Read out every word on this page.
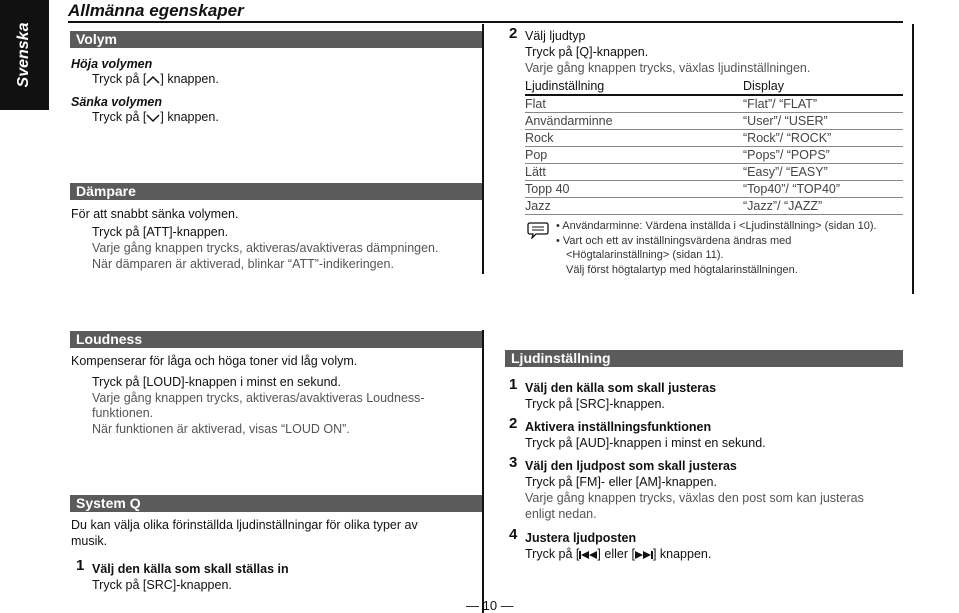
Svenska
Allmänna egenskaper
Volym
Höja volymen
Tryck på [ ] knappen.
Sänka volymen
Tryck på [ ] knappen.
Dämpare
För att snabbt sänka volymen.
Tryck på [ATT]-knappen.
Varje gång knappen trycks, aktiveras/avaktiveras dämpningen.
När dämparen är aktiverad, blinkar “ATT”-indikeringen.
2 Välj ljudtyp
Tryck på [Q]-knappen.
Varje gång knappen trycks, växlas ljudinställningen.
Ljudinställning	Display
Flat	“Flat”/ “FLAT”
Användarminne	“User”/ “USER”
Rock	“Rock”/ “ROCK”
Pop	“Pops”/ “POPS”
Lätt	“Easy”/ “EASY”
Topp 40	“Top40”/ “TOP40”
Jazz	“Jazz”/ “JAZZ”
• Användarminne: Värdena inställda i <Ljudinställning> (sidan 10).
• Vart och ett av inställningsvärdena ändras med
<Högtalarinställning> (sidan 11).
Välj först högtalartyp med högtalarinställningen.
Loudness
Kompenserar för låga och höga toner vid låg volym.
Tryck på [LOUD]-knappen i minst en sekund.
Varje gång knappen trycks, aktiveras/avaktiveras Loudness-
funktionen.
När funktionen är aktiverad, visas “LOUD ON”.
System Q
Du kan välja olika förinställda ljudinställningar för olika typer av
musik.
1 Välj den källa som skall ställas in
Tryck på [SRC]-knappen.
Ljudinställning
1 Välj den källa som skall justeras
Tryck på [SRC]-knappen.
2 Aktivera inställningsfunktionen
Tryck på [AUD]-knappen i minst en sekund.
3 Välj den ljudpost som skall justeras
Tryck på [FM]- eller [AM]-knappen.
Varje gång knappen trycks, växlas den post som kan justeras
enligt nedan.
4 Justera ljudposten
Tryck på [ ] eller [ ] knappen.
— 10 —
